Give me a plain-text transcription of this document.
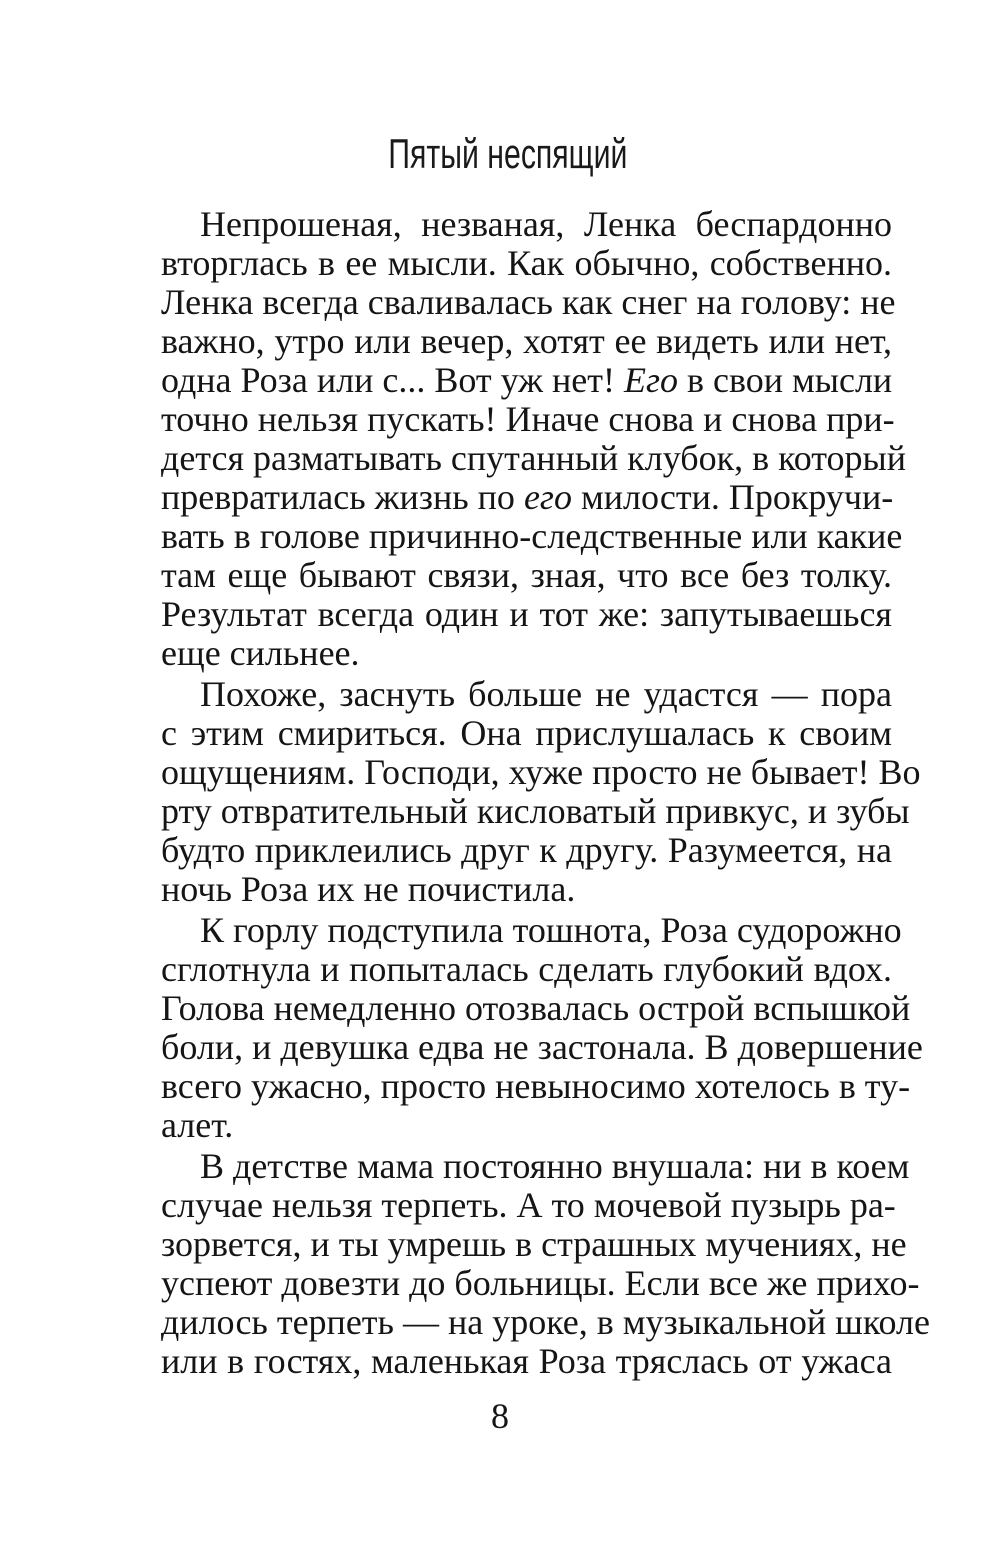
Пятый неспящий
Непрошеная, незваная, Ленка беспардонно
вторглась в ее мысли. Как обычно, собственно.
Ленка всегда сваливалась как снег на голову: не
важно, утро или вечер, хотят ее видеть или нет,
одна Роза или с... Вот уж нет! Его в свои мысли
точно нельзя пускать! Иначе снова и снова при-
дется разматывать спутанный клубок, в который
превратилась жизнь по его милости. Прокручи-
вать в голове причинно-следственные или какие
там еще бывают связи, зная, что все без толку.
Результат всегда один и тот же: запутываешься
еще сильнее.
Похоже, заснуть больше не удастся — пора
с этим смириться. Она прислушалась к своим
ощущениям. Господи, хуже просто не бывает! Во
рту отвратительный кисловатый привкус, и зубы
будто приклеились друг к другу. Разумеется, на
ночь Роза их не почистила.
К горлу подступила тошнота, Роза судорожно
сглотнула и попыталась сделать глубокий вдох.
Голова немедленно отозвалась острой вспышкой
боли, и девушка едва не застонала. В довершение
всего ужасно, просто невыносимо хотелось в ту-
алет.
В детстве мама постоянно внушала: ни в коем
случае нельзя терпеть. А то мочевой пузырь ра-
зорвется, и ты умрешь в страшных мучениях, не
успеют довезти до больницы. Если все же прихо-
дилось терпеть — на уроке, в музыкальной школе
или в гостях, маленькая Роза тряслась от ужаса
8
